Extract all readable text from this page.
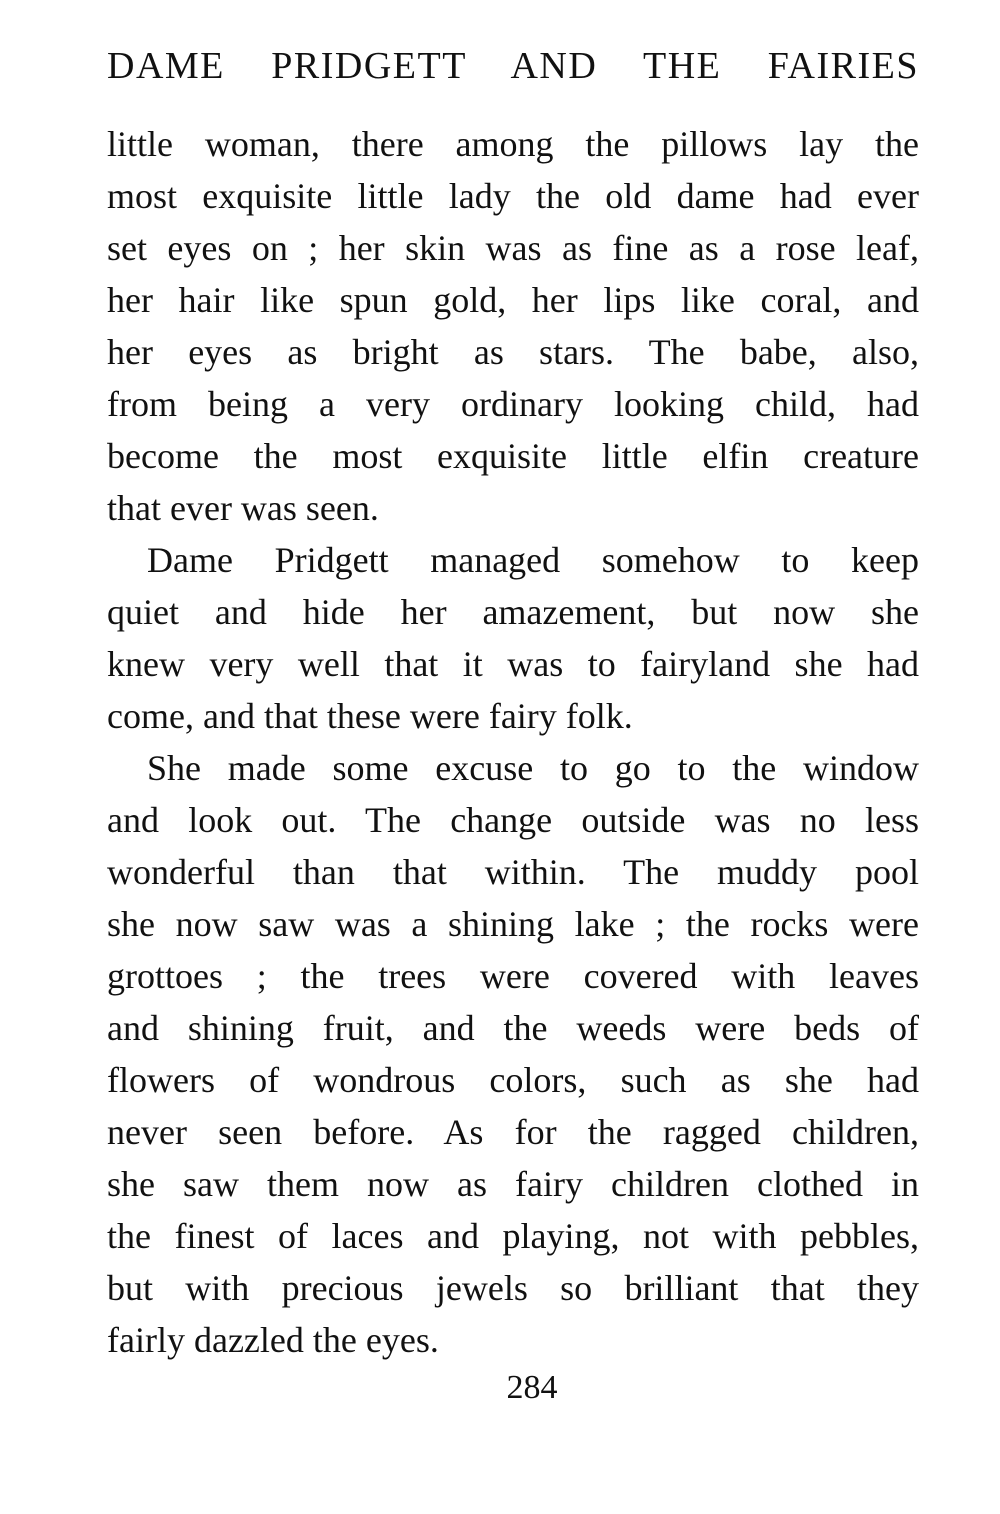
DAME PRIDGETT AND THE FAIRIES
little woman, there among the pillows lay the
most exquisite little lady the old dame had ever
set eyes on ; her skin was as fine as a rose leaf,
her hair like spun gold, her lips like coral, and
her eyes as bright as stars. The babe, also,
from being a very ordinary looking child, had
become the most exquisite little elfin creature
that ever was seen.
Dame Pridgett managed somehow to keep
quiet and hide her amazement, but now she
knew very well that it was to fairyland she had
come, and that these were fairy folk.
She made some excuse to go to the window
and look out. The change outside was no less
wonderful than that within. The muddy pool
she now saw was a shining lake ; the rocks were
grottoes ; the trees were covered with leaves
and shining fruit, and the weeds were beds of
flowers of wondrous colors, such as she had
never seen before. As for the ragged children,
she saw them now as fairy children clothed in
the finest of laces and playing, not with pebbles,
but with precious jewels so brilliant that they
fairly dazzled the eyes.
284
